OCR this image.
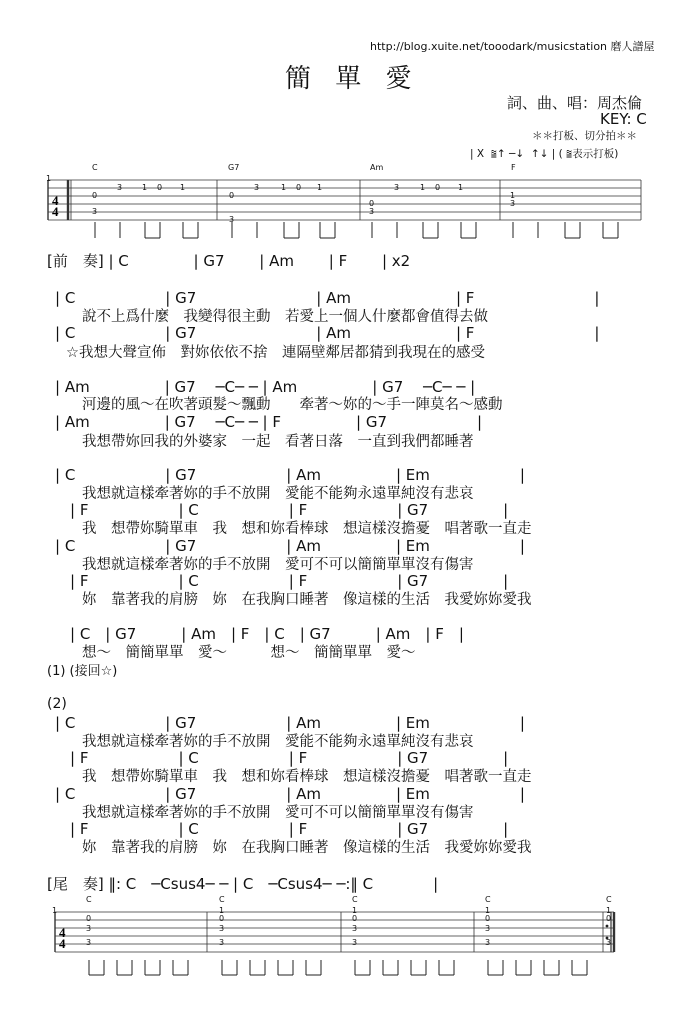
http://blog.xuite.net/tooodark/musicstation 磨人譜屋
簡 單 愛
詞、曲、唱：周杰倫
KEY: C
＊＊打板、切分拍＊＊
| X  ⩰↑ ─↓  ↑↓ | ( ⩰表示打板)
4
4
4
4
C	G7	Am	F
1
0
3
3 1 0 1
0
3
3	1 0 1
0
3
3	1 0 1
1
3
[前　奏] | C　　　　 | G7　　 | Am　　 | F　　 | x2
| C　　　　　　| G7　　　　　　　　| Am　　　　　　　| F　　　　　　　　|
說不上爲什麼　我變得很主動　若愛上一個人什麼都會值得去做
| C　　　　　　| G7　　　　　　　　| Am　　　　　　　| F　　　　　　　　|
☆我想大聲宣佈　對妳依依不捨　連隔壁鄰居都猜到我現在的感受
| Am　　　　　| G7　 ─C─ ─ | Am　　　　　| G7　 ─C─ ─ |
河邊的風～在吹著頭髮～飄動　　牽著～妳的～手一陣莫名～感動
| Am　　　　　| G7　 ─C─ ─ | F　　　　　| G7　　　　　　|
我想帶妳回我的外婆家　一起　看著日落　一直到我們都睡著
| C　　　　　　| G7　　　　　　| Am　　　　　| Em　　　　　　|
我想就這樣牽著妳的手不放開　愛能不能夠永遠單純沒有悲哀
| F　　　　　　| C　　　　　　| F　　　　　　| G7　　　　　|
我　想帶妳騎單車　我　想和妳看棒球　想這樣沒擔憂　唱著歌一直走
| C　　　　　　| G7　　　　　　| Am　　　　　| Em　　　　　　|
我想就這樣牽著妳的手不放開　愛可不可以簡簡單單沒有傷害
| F　　　　　　| C　　　　　　| F　　　　　　| G7　　　　　|
妳　靠著我的肩膀　妳　在我胸口睡著　像這樣的生活　我愛妳妳愛我
| C　| G7　　　| Am　| F　| C　| G7　　　| Am　| F　|
想～　簡簡單單　愛～　　　想～　簡簡單單　愛～
(1) (接回☆)
(2)
| C　　　　　　| G7　　　　　　| Am　　　　　| Em　　　　　　|
我想就這樣牽著妳的手不放開　愛能不能夠永遠單純沒有悲哀
| F　　　　　　| C　　　　　　| F　　　　　　| G7　　　　　|
我　想帶妳騎單車　我　想和妳看棒球　想這樣沒擔憂　唱著歌一直走
| C　　　　　　| G7　　　　　　| Am　　　　　| Em　　　　　　|
我想就這樣牽著妳的手不放開　愛可不可以簡簡單單沒有傷害
| F　　　　　　| C　　　　　　| F　　　　　　| G7　　　　　|
妳　靠著我的肩膀　妳　在我胸口睡著　像這樣的生活　我愛妳妳愛我
[尾　奏] ‖: C　─Csus4─ ─ | C　─Csus4─ ─:‖ C　　　　|
C	C	C	C	C
1
0
3
3
1
0
3
3
1
0
3
3
1
0
3
3
1
0
3
